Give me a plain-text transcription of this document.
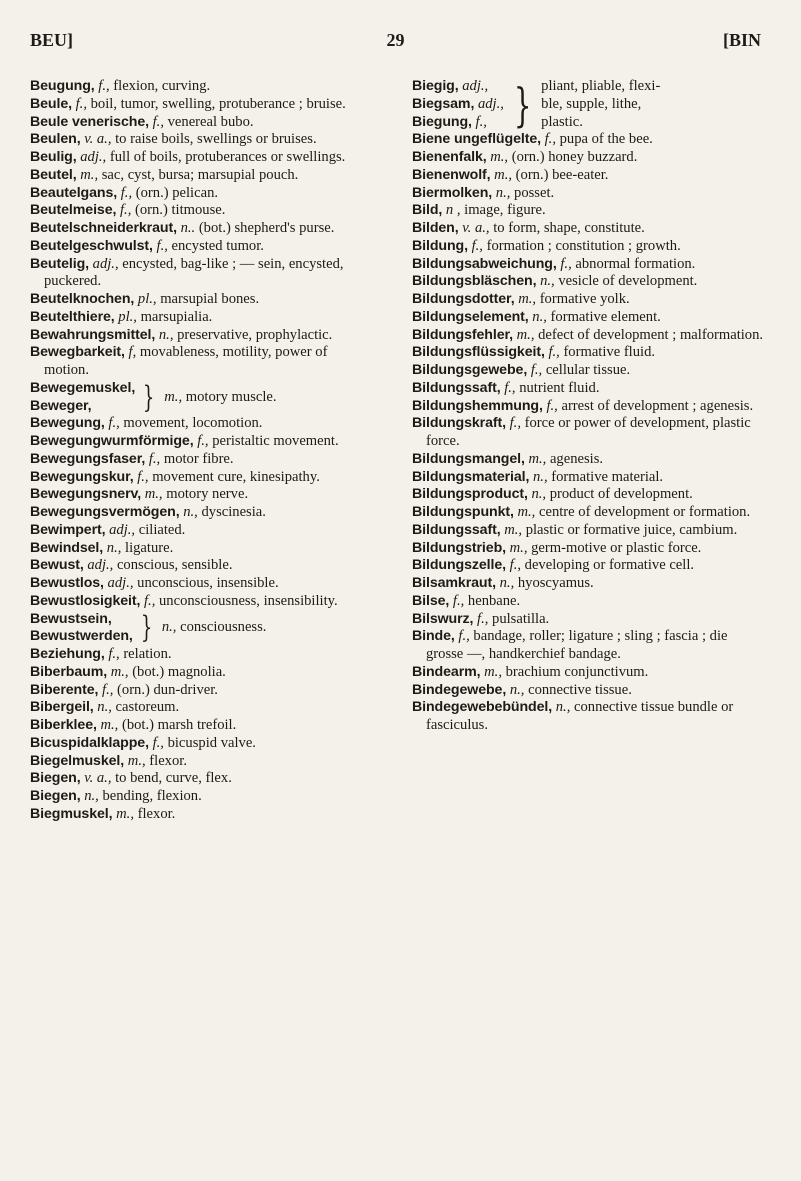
BEU]	29	[BIN

Beugung, f., flexion, curving.

Beule, f., boil, tumor, swelling, protuberance ; bruise.

Beule venerische, f., venereal bubo.

Beulen, v. a., to raise boils, swellings or bruises.

Beulig, adj., full of boils, protuberances or swellings.

Beutel, m., sac, cyst, bursa; marsupial pouch.

Beautelgans, f., (orn.) pelican.

Beutelmeise, f., (orn.) titmouse.

Beutelschneiderkraut, n.. (bot.) shepherd's purse.

Beutelgeschwulst, f., encysted tumor.

Beutelig, adj., encysted, bag-like ; — sein, encysted, puckered.

Beutelknochen, pl., marsupial bones.

Beutelthiere, pl., marsupialia.

Bewahrungsmittel, n., preservative, prophylactic.

Bewegbarkeit, f, movableness, motility, power of motion.

Bewegemuskel,
Beweger,	} m., motory muscle.

Bewegung, f., movement, locomotion.

Bewegungwurmförmige, f., peristaltic movement.

Bewegungsfaser, f., motor fibre.

Bewegungskur, f., movement cure, kinesipathy.

Bewegungsnerv, m., motory nerve.

Bewegungsvermögen, n., dyscinesia.

Bewimpert, adj., ciliated.

Bewindsel, n., ligature.

Bewust, adj., conscious, sensible.

Bewustlos, adj., unconscious, insensible.

Bewustlosigkeit, f., unconsciousness, insensibility.

Bewustsein,
Bewustwerden, } n., consciousness.

Beziehung, f., relation.

Biberbaum, m., (bot.) magnolia.

Biberente, f., (orn.) dun-driver.

Bibergeil, n., castoreum.

Biberklee, m., (bot.) marsh trefoil.

Bicuspidalklappe, f., bicuspid valve.

Biegelmuskel, m., flexor.

Biegen, v. a., to bend, curve, flex.

Biegen, n., bending, flexion.

Biegmuskel, m., flexor.

Biegig, adj.,
Biegsam, adj.,
Biegung, f., } pliant, pliable, flexi-
ble, supple, lithe,
plastic.

Biene ungeflügelte, f., pupa of the bee.

Bienenfalk, m., (orn.) honey buzzard.

Bienenwolf, m., (orn.) bee-eater.

Biermolken, n., posset.

Bild, n , image, figure.

Bilden, v. a., to form, shape, constitute.

Bildung, f., formation ; constitution ; growth.

Bildungsabweichung, f., abnormal formation.

Bildungsbläschen, n., vesicle of development.

Bildungsdotter, m., formative yolk.

Bildungselement, n., formative element.

Bildungsfehler, m., defect of development ; malformation.

Bildungsflüssigkeit, f., formative fluid.

Bildungsgewebe, f., cellular tissue.

Bildungssaft, f., nutrient fluid.

Bildungshemmung, f., arrest of development ; agenesis.

Bildungskraft, f., force or power of development, plastic force.

Bildungsmangel, m., agenesis.

Bildungsmaterial, n., formative material.

Bildungsproduct, n., product of development.

Bildungspunkt, m., centre of development or formation.

Bildungssaft, m., plastic or formative juice, cambium.

Bildungstrieb, m., germ-motive or plastic force.

Bildungszelle, f., developing or formative cell.

Bilsamkraut, n., hyoscyamus.

Bilse, f., henbane.

Bilswurz, f., pulsatilla.

Binde, f., bandage, roller; ligature ; sling ; fascia ; die grosse —, handkerchief bandage.

Bindearm, m., brachium conjunctivum.

Bindegewebe, n., connective tissue.

Bindegewebebündel, n., connective tissue bundle or fasciculus.
